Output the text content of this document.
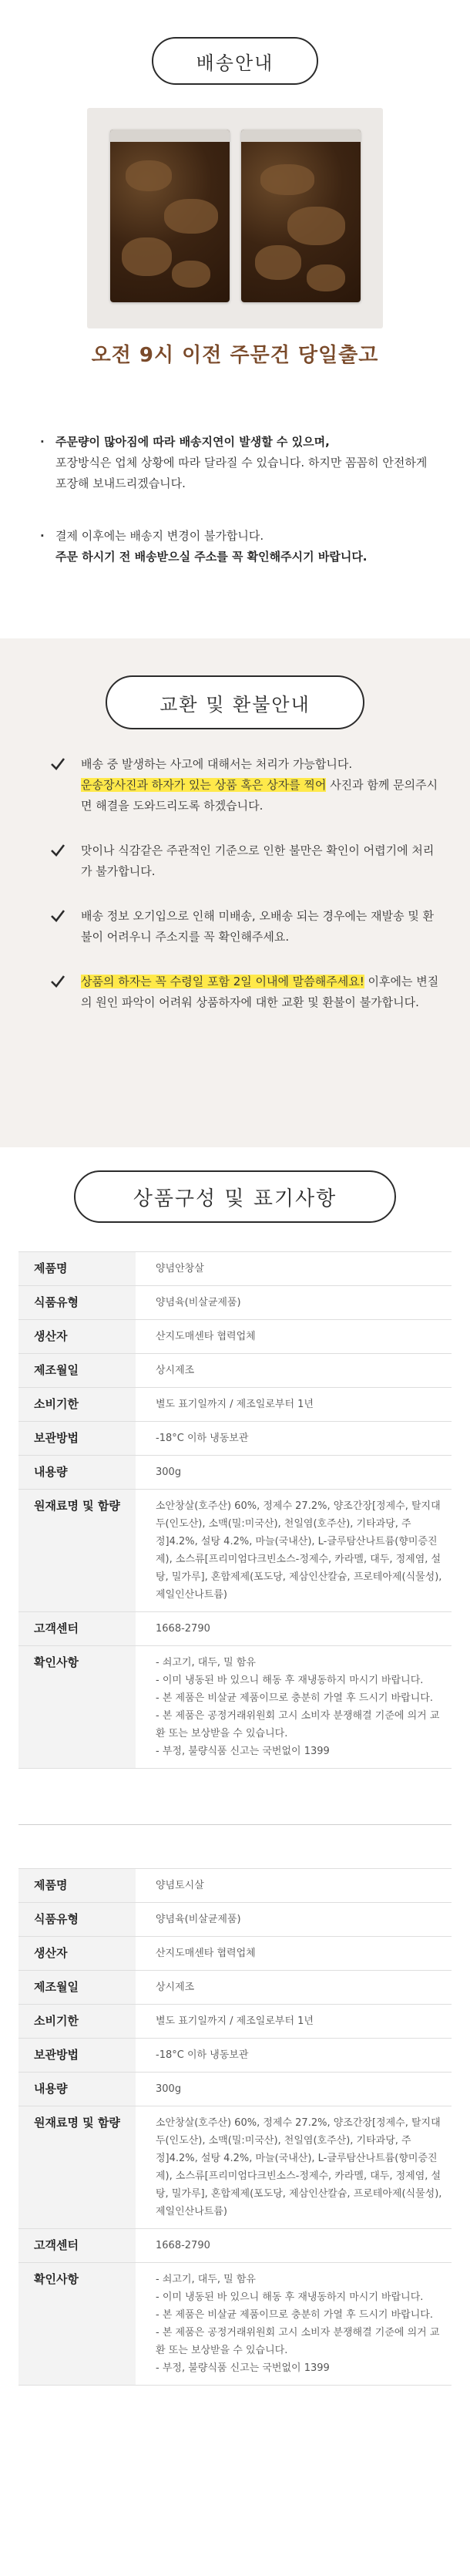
배송안내
오전 9시 이전 주문건 당일출고
· 주문량이 많아짐에 따라 배송지연이 발생할 수 있으며,
포장방식은 업체 상황에 따라 달라질 수 있습니다. 하지만 꼼꼼히 안전하게 포장해 보내드리겠습니다.
· 결제 이후에는 배송지 변경이 불가합니다.
주문 하시기 전 배송받으실 주소를 꼭 확인해주시기 바랍니다.
교환 및 환불안내
배송 중 발생하는 사고에 대해서는 처리가 가능합니다.
운송장사진과 하자가 있는 상품 혹은 상자를 찍어 사진과 함께 문의주시면 해결을 도와드리도록 하겠습니다.
맛이나 식감같은 주관적인 기준으로 인한 불만은 확인이 어렵기에 처리가 불가합니다.
배송 정보 오기입으로 인해 미배송, 오배송 되는 경우에는 재발송 및 환불이 어려우니 주소지를 꼭 확인해주세요.
상품의 하자는 꼭 수령일 포함 2일 이내에 말씀해주세요! 이후에는 변질의 원인 파악이 어려워 상품하자에 대한 교환 및 환불이 불가합니다.
상품구성 및 표기사항
제품명	양념안창살
식품유형	양념육(비살균제품)
생산자	산지도매센타 협력업체
제조월일	상시제조
소비기한	별도 표기일까지 / 제조일로부터 1년
보관방법	-18°C 이하 냉동보관
내용량	300g
원재료명 및 함량	소안창살(호주산) 60%, 정제수 27.2%, 양조간장[정제수, 탈지대두(인도산), 소맥(밀:미국산), 천일염(호주산), 기타과당, 주정]4.2%, 설탕 4.2%, 마늘(국내산), L-글루탐산나트륨(향미증진제), 소스류[프리미엄다크빈소스-정제수, 카라멜, 대두, 정제염, 설탕, 밀가루], 혼합제제(포도당, 제삼인산칼슘, 프로테아제(식물성), 제일인산나트륨)
고객센터	1668-2790
확인사항	- 쇠고기, 대두, 밀 함유
- 이미 냉동된 바 있으니 해동 후 재냉동하지 마시기 바랍니다.
- 본 제품은 비살균 제품이므로 충분히 가열 후 드시기 바랍니다.
- 본 제품은 공정거래위원회 고시 소비자 분쟁해결 기준에 의거 교환 또는 보상받을 수 있습니다.
- 부정, 불량식품 신고는 국번없이 1399
제품명	양념토시살
식품유형	양념육(비살균제품)
생산자	산지도매센타 협력업체
제조월일	상시제조
소비기한	별도 표기일까지 / 제조일로부터 1년
보관방법	-18°C 이하 냉동보관
내용량	300g
원재료명 및 함량	소안창살(호주산) 60%, 정제수 27.2%, 양조간장[정제수, 탈지대두(인도산), 소맥(밀:미국산), 천일염(호주산), 기타과당, 주정]4.2%, 설탕 4.2%, 마늘(국내산), L-글루탐산나트륨(향미증진제), 소스류[프리미엄다크빈소스-정제수, 카라멜, 대두, 정제염, 설탕, 밀가루], 혼합제제(포도당, 제삼인산칼슘, 프로테아제(식물성), 제일인산나트륨)
고객센터	1668-2790
확인사항	- 쇠고기, 대두, 밀 함유
- 이미 냉동된 바 있으니 해동 후 재냉동하지 마시기 바랍니다.
- 본 제품은 비살균 제품이므로 충분히 가열 후 드시기 바랍니다.
- 본 제품은 공정거래위원회 고시 소비자 분쟁해결 기준에 의거 교환 또는 보상받을 수 있습니다.
- 부정, 불량식품 신고는 국번없이 1399
